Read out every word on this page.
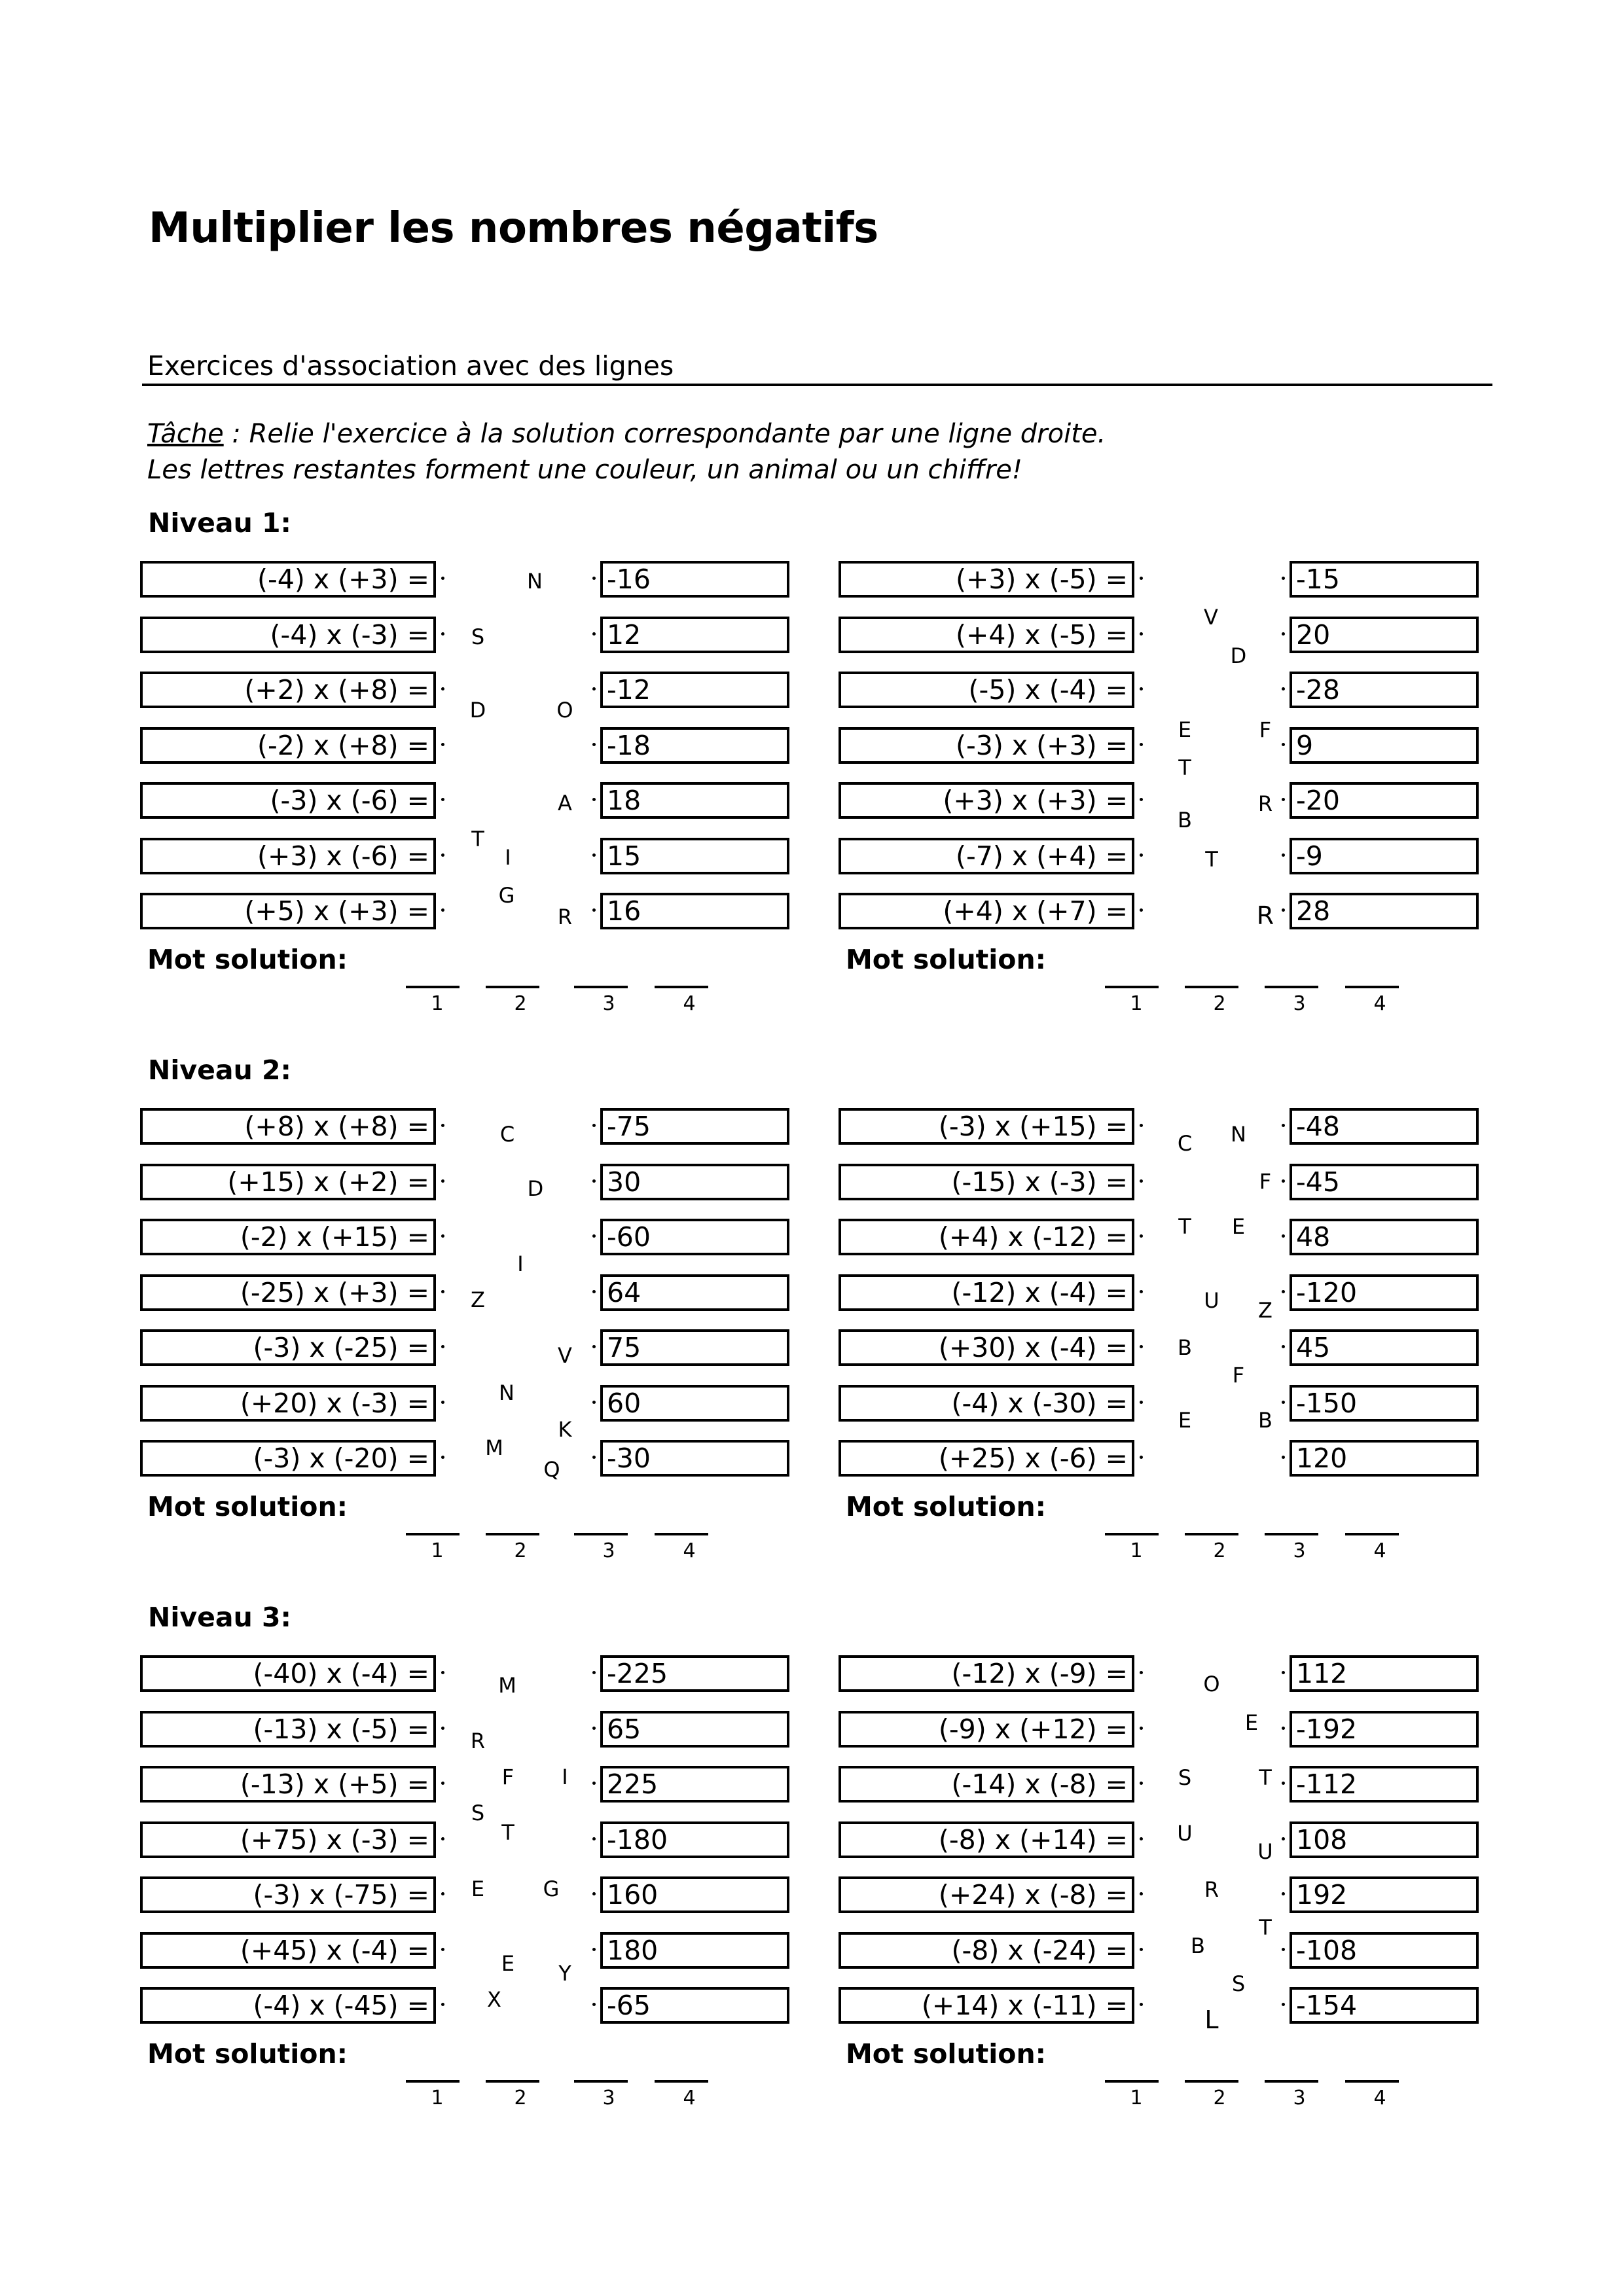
Multiplier les nombres négatifs
Exercices d'association avec des lignes
Tâche : Relie l'exercice à la solution correspondante par une ligne droite.
Les lettres restantes forment une couleur, un animal ou un chiffre!
Niveau 1:
(-4) x (+3) =	-16
(-4) x (-3) =	12
(+2) x (+8) =	-12
(-2) x (+8) =	-18
(-3) x (-6) =	18
(+3) x (-6) =	15
(+5) x (+3) =	16
N
S
D	O
A
T
I
G
R
Mot solution:
1	2	3	4
(+3) x (-5) =	-15
(+4) x (-5) =	20
(-5) x (-4) =	-28
(-3) x (+3) =	9
(+3) x (+3) =	-20
(-7) x (+4) =	-9
(+4) x (+7) =	28
V
D
E	F
T
B
R
T
R
Mot solution:
1	2	3	4
Niveau 2:
(+8) x (+8) =	-75
(+15) x (+2) =	30
(-2) x (+15) =	-60
(-25) x (+3) =	64
(-3) x (-25) =	75
(+20) x (-3) =	60
(-3) x (-20) =	-30
C
D
I
Z
V
N
K
M
Q
Mot solution:
1	2	3	4
(-3) x (+15) =	-48
(-15) x (-3) =	-45
(+4) x (-12) =	48
(-12) x (-4) =	-120
(+30) x (-4) =	45
(-4) x (-30) =	-150
(+25) x (-6) =	120
C N
F
T E
U Z
B
F
E	B
Mot solution:
1	2	3	4
Niveau 3:
(-40) x (-4) =	-225
(-13) x (-5) =	65
(-13) x (+5) =	225
(+75) x (-3) =	-180
(-3) x (-75) =	160
(+45) x (-4) =	180
(-4) x (-45) =	-65
M
R
F I
S
T
E	G
E Y
X
Mot solution:
1	2	3	4
(-12) x (-9) =	112
(-9) x (+12) =	-192
(-14) x (-8) =	-112
(-8) x (+14) =	108
(+24) x (-8) =	192
(-8) x (-24) =	-108
(+14) x (-11) =	-154
O
E
S	T
U
U
R
T
B
S
L
Mot solution:
1	2	3	4
